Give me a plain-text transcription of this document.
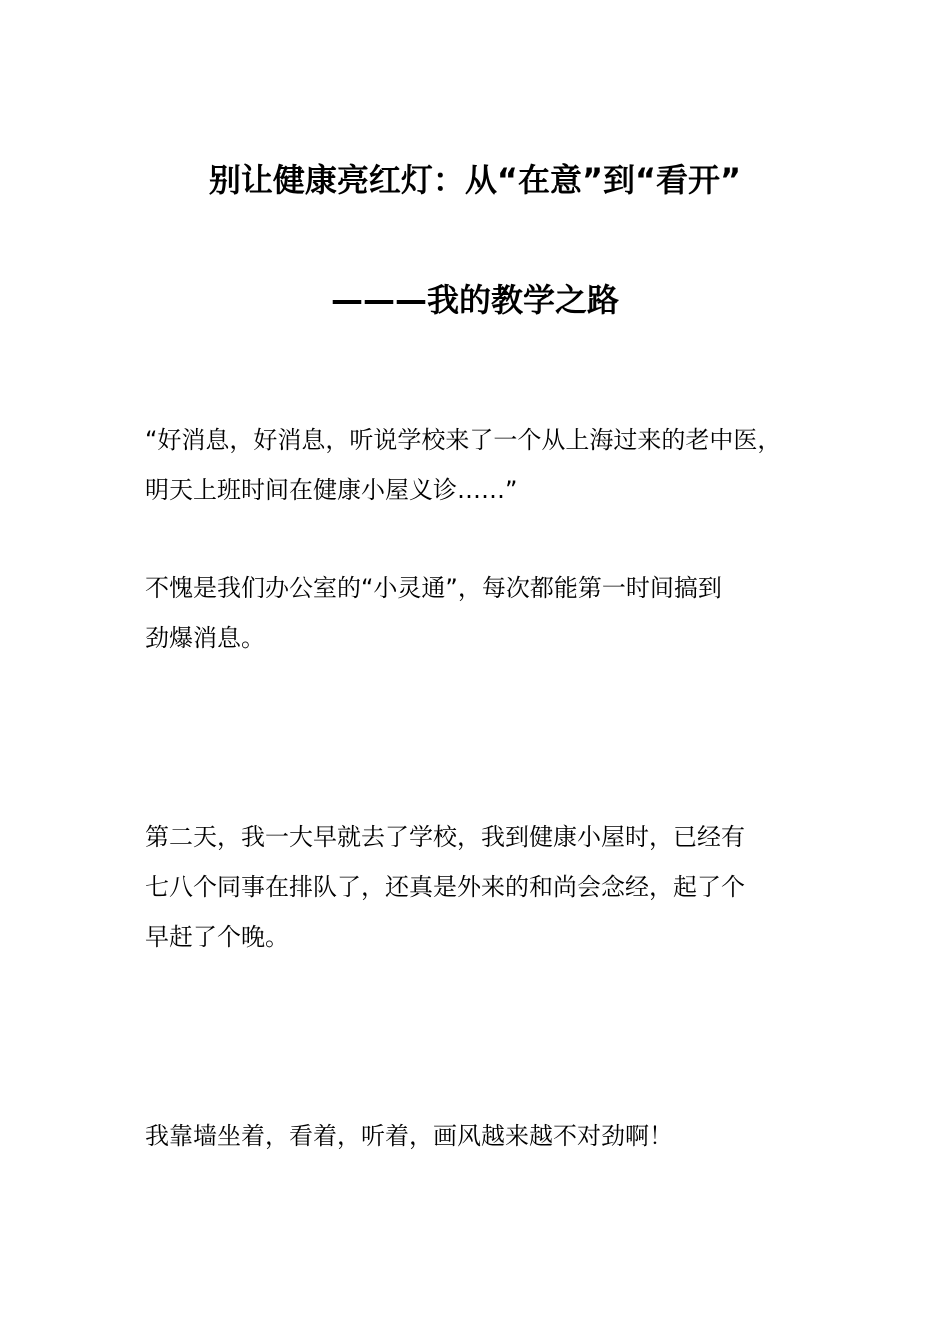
别让健康亮红灯：从“在意”到“看开”
———我的教学之路
“好消息，好消息，听说学校来了一个从上海过来的老中医，
明天上班时间在健康小屋义诊……”
不愧是我们办公室的“小灵通”，每次都能第一时间搞到
劲爆消息。
第二天，我一大早就去了学校，我到健康小屋时，已经有
七八个同事在排队了，还真是外来的和尚会念经，起了个
早赶了个晚。
我靠墙坐着，看着，听着，画风越来越不对劲啊！
